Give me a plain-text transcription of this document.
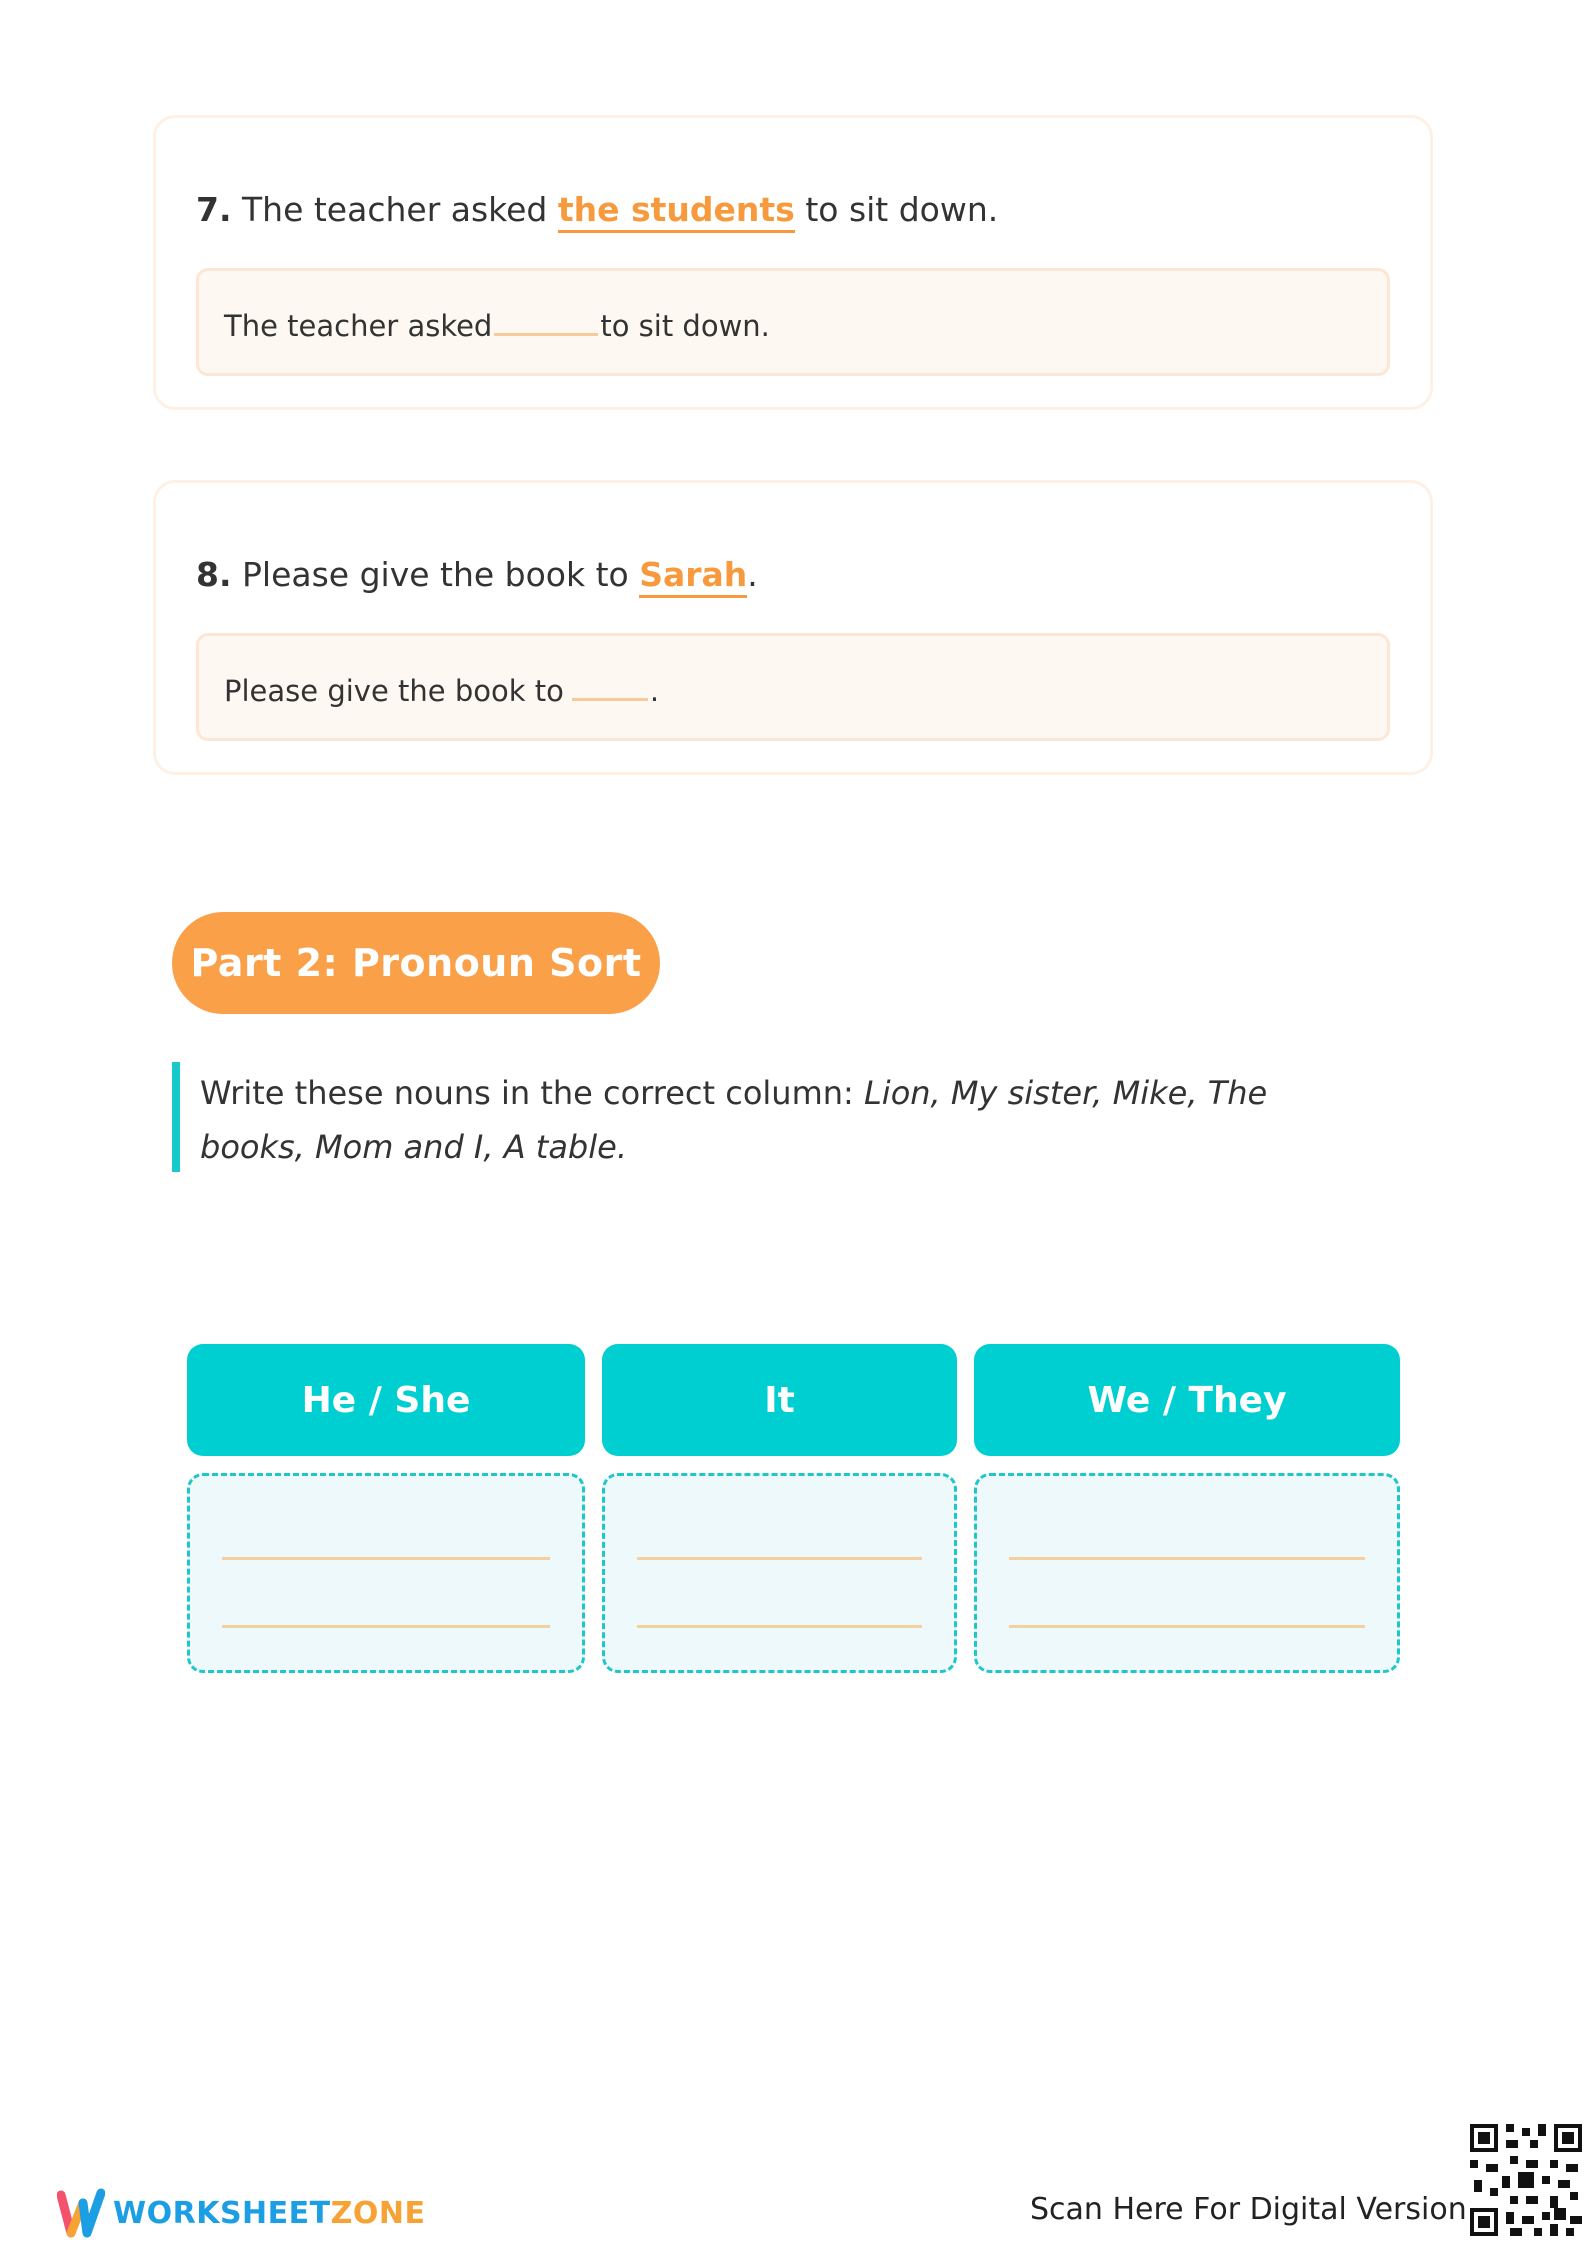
7. The teacher asked the students to sit down.
The teacher asked	to sit down.
8. Please give the book to Sarah.
Please give the book to	.
Part 2: Pronoun Sort
Write these nouns in the correct column: Lion, My sister, Mike, The books, Mom and I, A table.
He / She	It	We / They
WORKSHEETZONE	Scan Here For Digital Version
